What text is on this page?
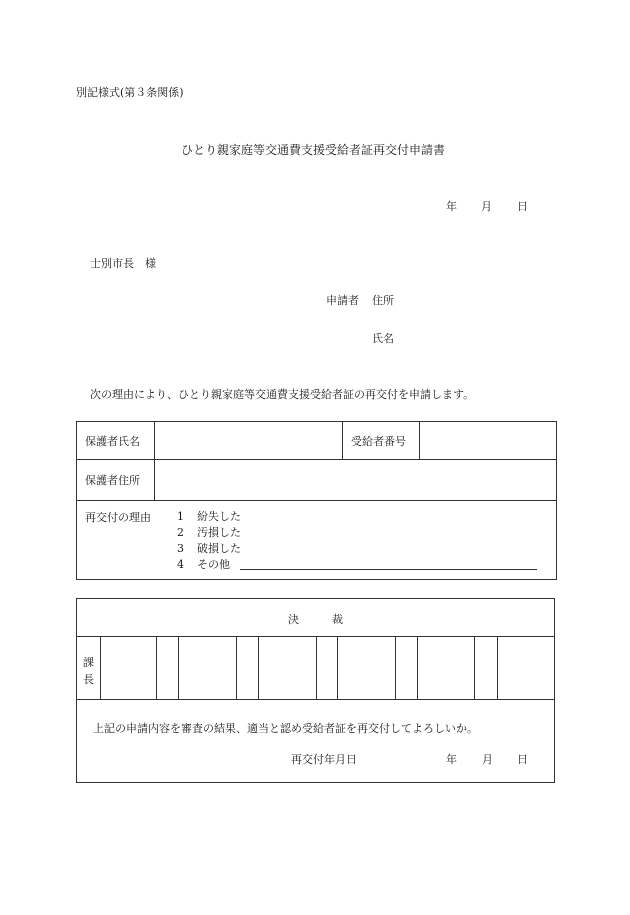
別記様式(第３条関係)
ひとり親家庭等交通費支援受給者証再交付申請書
年 月 日
士別市長　様
申請者 住所
氏名
次の理由により、ひとり親家庭等交通費支援受給者証の再交付を申請します。
保護者氏名		受給者番号	
保護者住所			
再交付の理由			1	紛失した
2	汚損した
3	破損した
4	その他
決　　　裁
課
長
上記の申請内容を審査の結果、適当と認め受給者証を再交付してよろしいか。
再交付年月日	年 月 日
